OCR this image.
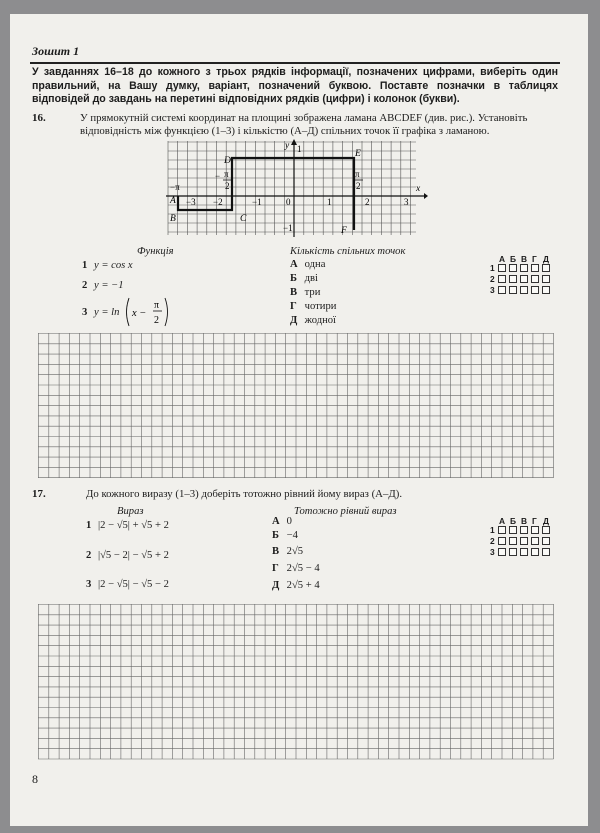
Зошит 1
У завданнях 16–18 до кожного з трьох рядків інформації, позначених цифрами, виберіть один правильний, на Вашу думку, варіант, позначений буквою. Поставте позначки в таблицях відповідей до завдань на перетині відповідних рядків (цифри) і колонок (букви).
16.	У прямокутній системі координат на площині зображена ламана ABCDEF (див. рис.). Установіть відповідність між функцією (1–3) і кількістю (А–Д) спільних точок її графіка з ламаною.
A
B	C
D
E
F
x
y
0
−3 −2	−1	1	2	3
1
−1
−π
− π
2
π
2
Функція
1 y = cos x
2 y = −1
3 y = ln x −
π
2
Кількість спільних точок
А одна
Б дві
В три
Г чотири
Д жодної
А Б В Г Д
1
2
3
17.	До кожного виразу (1–3) доберіть тотожно рівний йому вираз (А–Д).
Вираз
1 |2 − √5| + √5 + 2
2 |√5 − 2| − √5 + 2
3 |2 − √5| − √5 − 2
Тотожно рівний вираз
А 0
Б −4
В 2√5
Г 2√5 − 4
Д 2√5 + 4
А Б В Г Д
1
2
3
8
